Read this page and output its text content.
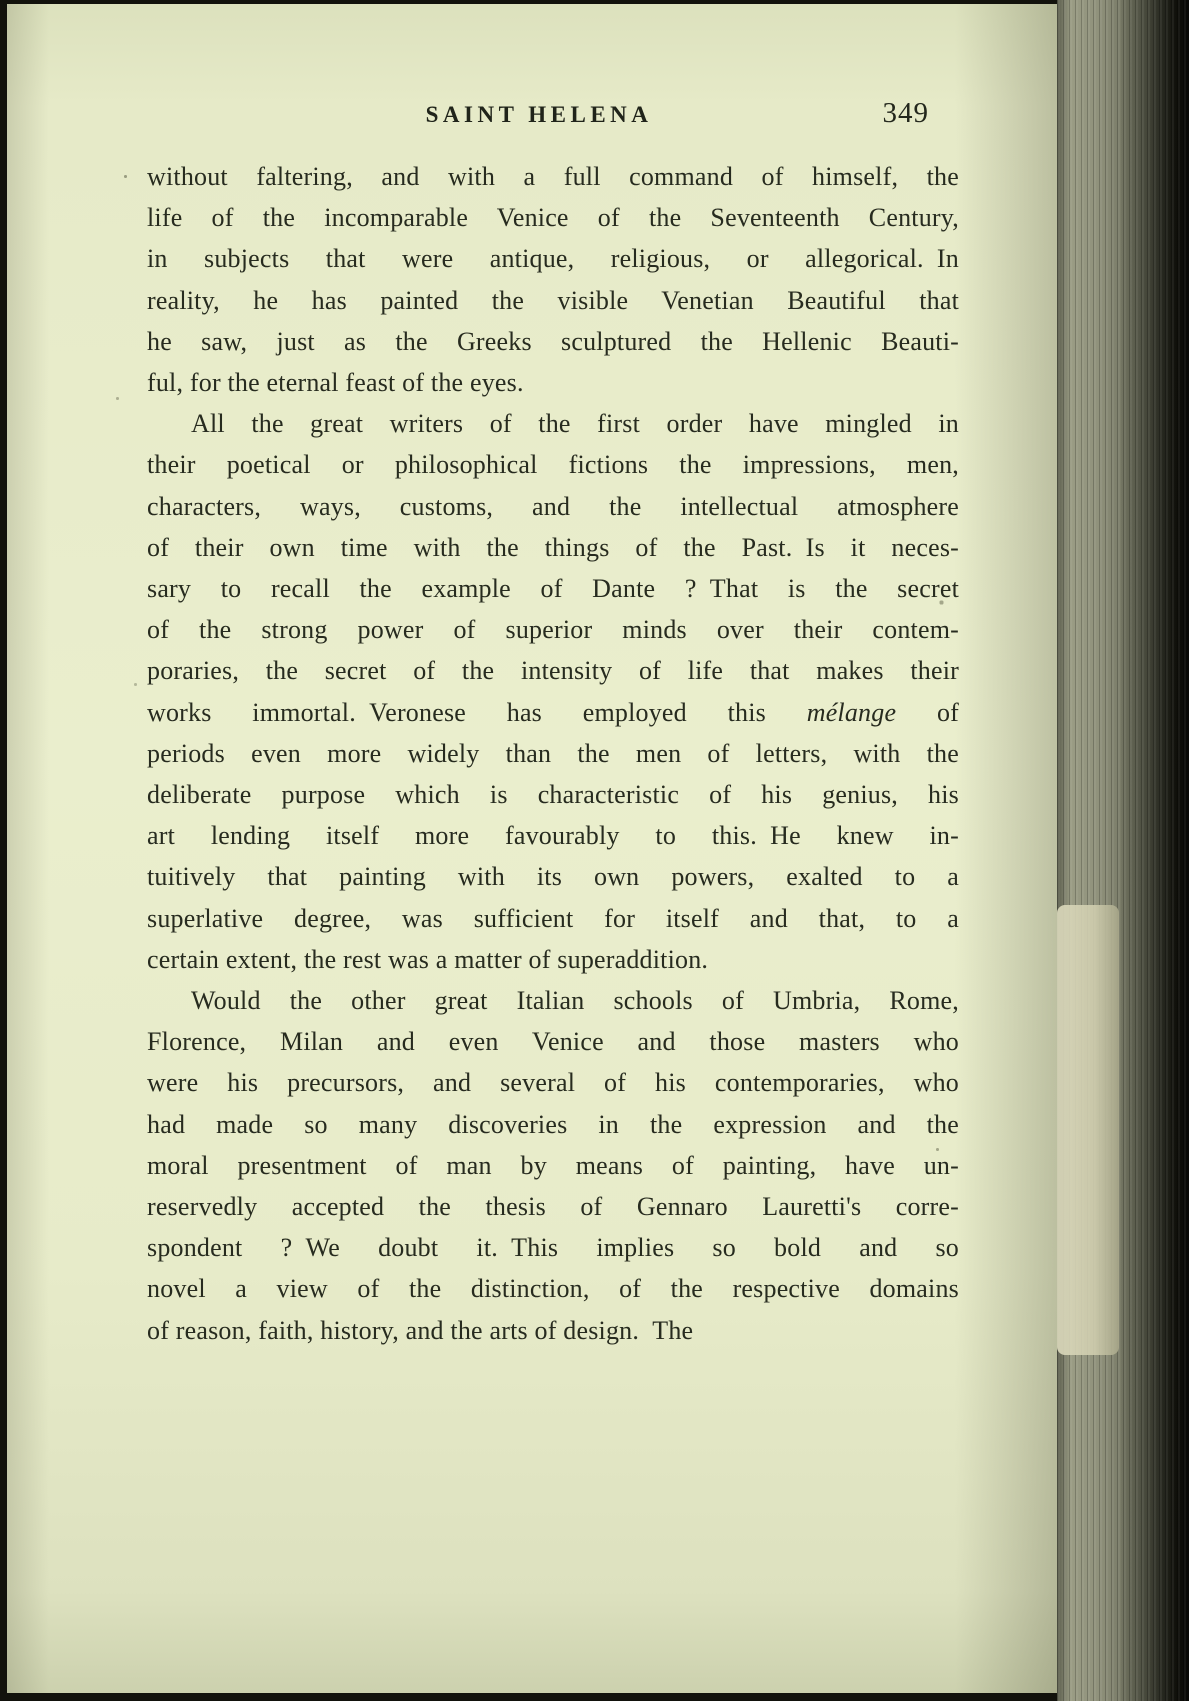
SAINT HELENA	349
without faltering, and with a full command of himself, the
life of the incomparable Venice of the Seventeenth Century,
in subjects that were antique, religious, or allegorical. In
reality, he has painted the visible Venetian Beautiful that
he saw, just as the Greeks sculptured the Hellenic Beauti-
ful, for the eternal feast of the eyes.
All the great writers of the first order have mingled in
their poetical or philosophical fictions the impressions, men,
characters, ways, customs, and the intellectual atmosphere
of their own time with the things of the Past. Is it neces-
sary to recall the example of Dante ? That is the secret
of the strong power of superior minds over their contem-
poraries, the secret of the intensity of life that makes their
works immortal. Veronese has employed this mélange of
periods even more widely than the men of letters, with the
deliberate purpose which is characteristic of his genius, his
art lending itself more favourably to this. He knew in-
tuitively that painting with its own powers, exalted to a
superlative degree, was sufficient for itself and that, to a
certain extent, the rest was a matter of superaddition.
Would the other great Italian schools of Umbria, Rome,
Florence, Milan and even Venice and those masters who
were his precursors, and several of his contemporaries, who
had made so many discoveries in the expression and the
moral presentment of man by means of painting, have un-
reservedly accepted the thesis of Gennaro Lauretti's corre-
spondent ? We doubt it. This implies so bold and so
novel a view of the distinction, of the respective domains
of reason, faith, history, and the arts of design. The
